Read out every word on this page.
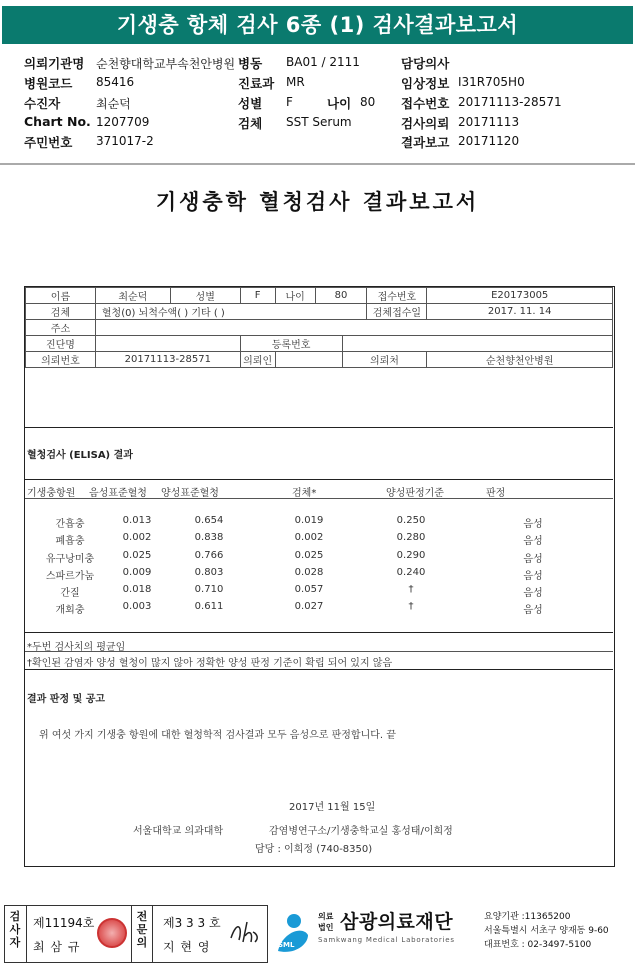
기생충 항체 검사 6종 (1) 검사결과보고서
의뢰기관명 순천향대학교부속천안병원
병원코드 85416
수진자	최순덕
Chart No. 1207709
주민번호 371017-2
병동 BA01 / 2111
진료과 MR
성별 F	나이 80
검체 SST Serum
담당의사
임상정보 I31R705H0
접수번호 20171113-28571
검사의뢰 20171113
결과보고 20171120
기생충학 혈청검사 결과보고서
이름	최순덕	성별	F	나이	80		접수번호	E20173005
검체	혈청(0) 뇌척수액( ) 기타 ( )						검체접수일	2017. 11. 14
주소								
진단명			등록번호					
의뢰번호	20171113-28571		의뢰인			의뢰처		순천향천안병원
혈청검사 (ELISA) 결과
기생충항원 음성표준혈청 양성표준혈청	검체*	양성판정기준	판정
간흡충	0.013	0.654	0.019	0.250	음성
폐흡충	0.002	0.838	0.002	0.280	음성
유구낭미충	0.025	0.766	0.025	0.290	음성
스파르가눔	0.009	0.803	0.028	0.240	음성
간질	0.018	0.710	0.057	†	음성
개회충	0.003	0.611	0.027	†	음성
*두번 검사치의 평균임
†확인된 감염자 양성 혈청이 많지 않아 정확한 양성 판정 기준이 확립 되어 있지 않음
결과 판정 및 공고
위 여섯 가지 기생충 항원에 대한 혈청학적 검사결과 모두 음성으로 판정합니다. 끝
2017년 11월 15일
서울대학교 의과대학	감염병연구소/기생충학교실 홍성태/이희정
담당 : 이희정 (740-8350)
검사자
제11194호
최 삼 규
전문의
제3 3 3 호
지 현 영	SML
의료
법인 삼광의료재단
Samkwang Medical Laboratories
요양기관 :11365200
서울특별시 서초구 양재동 9-60
대표번호 : 02-3497-5100
